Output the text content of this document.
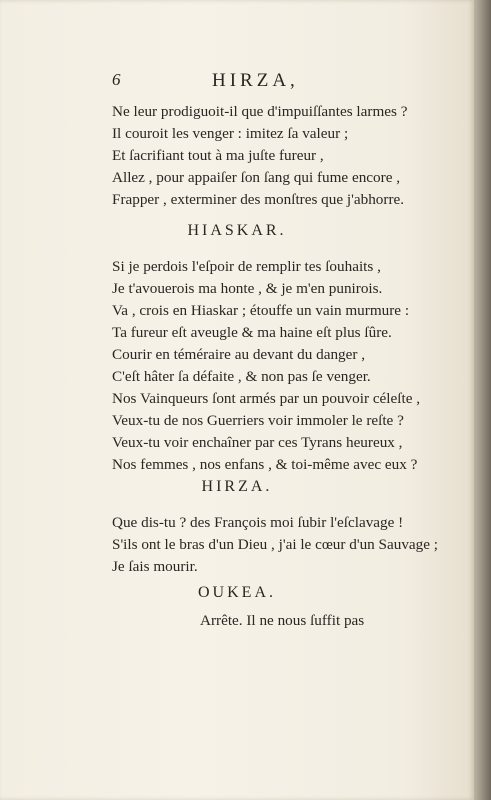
6	HIRZA,
Ne leur prodiguoit-il que d'impuiſſantes larmes ?
Il couroit les venger : imitez ſa valeur ;
Et ſacrifiant tout à ma juſte fureur ,
Allez , pour appaiſer ſon ſang qui fume encore ,
Frapper , exterminer des monſtres que j'abhorre.
HIASKAR.
Si je perdois l'eſpoir de remplir tes ſouhaits ,
Je t'avouerois ma honte , & je m'en punirois.
Va , crois en Hiaskar ; étouffe un vain murmure :
Ta fureur eſt aveugle & ma haine eſt plus ſûre.
Courir en téméraire au devant du danger ,
C'eſt hâter ſa défaite , & non pas ſe venger.
Nos Vainqueurs ſont armés par un pouvoir céleſte ,
Veux-tu de nos Guerriers voir immoler le reſte ?
Veux-tu voir enchaîner par ces Tyrans heureux ,
Nos femmes , nos enfans , & toi-même avec eux ?
HIRZA.
Que dis-tu ? des François moi ſubir l'eſclavage !
S'ils ont le bras d'un Dieu , j'ai le cœur d'un Sauvage ;
Je ſais mourir.
OUKEA.
Arrête. Il ne nous ſuffit pas
